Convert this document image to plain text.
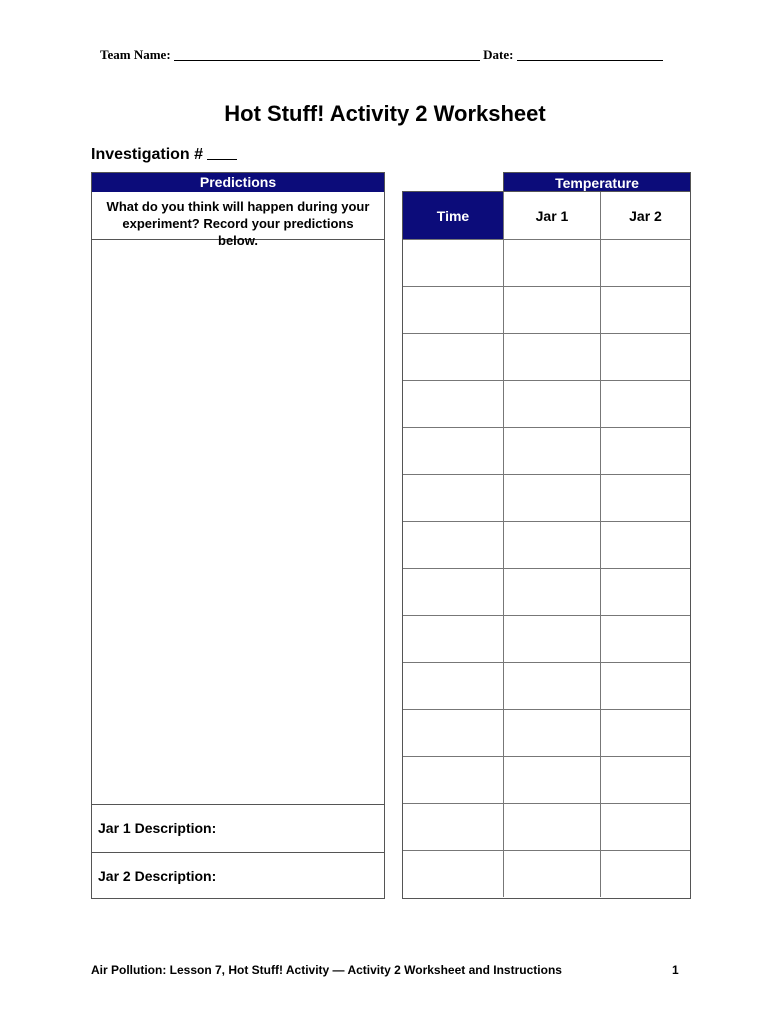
Team Name:	Date:
Hot Stuff! Activity 2 Worksheet
Investigation #
Predictions
What do you think will happen during your experiment? Record your predictions below.
Jar 1 Description:
Jar 2 Description:
Temperature
Time	Jar 1	Jar 2
Air Pollution: Lesson 7, Hot Stuff! Activity — Activity 2 Worksheet and Instructions	1
